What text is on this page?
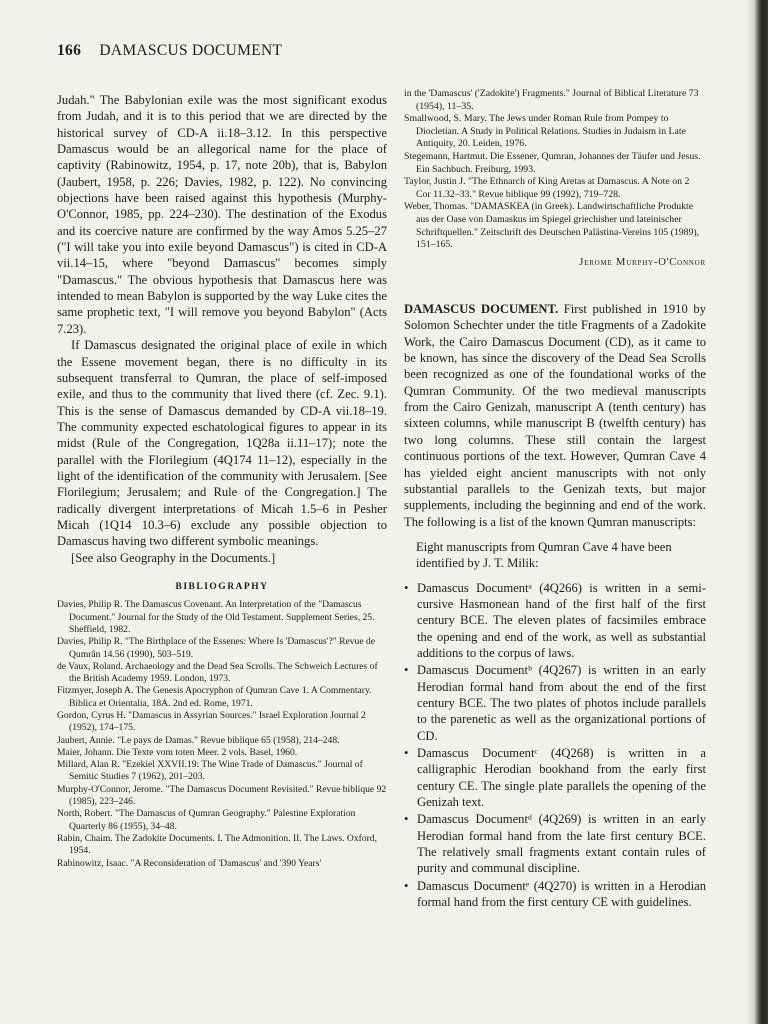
166 DAMASCUS DOCUMENT

Judah." The Babylonian exile was the most significant exodus from Judah, and it is to this period that we are directed by the historical survey of CD-A ii.18–3.12. In this perspective Damascus would be an allegorical name for the place of captivity (Rabinowitz, 1954, p. 17, note 20b), that is, Babylon (Jaubert, 1958, p. 226; Davies, 1982, p. 122). No convincing objections have been raised against this hypothesis (Murphy-O'Connor, 1985, pp. 224–230). The destination of the Exodus and its coercive nature are confirmed by the way Amos 5.25–27 ("I will take you into exile beyond Damascus") is cited in CD-A vii.14–15, where "beyond Damascus" becomes simply "Damascus." The obvious hypothesis that Damascus here was intended to mean Babylon is supported by the way Luke cites the same prophetic text, "I will remove you beyond Babylon" (Acts 7.23).

If Damascus designated the original place of exile in which the Essene movement began, there is no difficulty in its subsequent transferral to Qumran, the place of self-imposed exile, and thus to the community that lived there (cf. Zec. 9.1). This is the sense of Damascus demanded by CD-A vii.18–19. The community expected eschatological figures to appear in its midst (Rule of the Congregation, 1Q28a ii.11–17); note the parallel with the Florilegium (4Q174 11–12), especially in the light of the identification of the community with Jerusalem. [See Florilegium; Jerusalem; and Rule of the Congregation.] The radically divergent interpretations of Micah 1.5–6 in Pesher Micah (1Q14 10.3–6) exclude any possible objection to Damascus having two different symbolic meanings.

[See also Geography in the Documents.]

BIBLIOGRAPHY

Davies, Philip R. The Damascus Covenant. An Interpretation of the "Damascus Document." Journal for the Study of the Old Testament. Supplement Series, 25. Sheffield, 1982.

Davies, Philip R. "The Birthplace of the Essenes: Where Is 'Damascus'?" Revue de Qumrân 14.56 (1990), 503–519.

de Vaux, Roland. Archaeology and the Dead Sea Scrolls. The Schweich Lectures of the British Academy 1959. London, 1973.

Fitzmyer, Joseph A. The Genesis Apocryphon of Qumran Cave 1. A Commentary. Biblica et Orientalia, 18A. 2nd ed. Rome, 1971.

Gordon, Cyrus H. "Damascus in Assyrian Sources." Israel Exploration Journal 2 (1952), 174–175.

Jaubert, Annie. "Le pays de Damas." Revue biblique 65 (1958), 214–248.

Maier, Johann. Die Texte vom toten Meer. 2 vols. Basel, 1960.

Millard, Alan R. "Ezekiel XXVII.19: The Wine Trade of Damascus." Journal of Semitic Studies 7 (1962), 201–203.

Murphy-O'Connor, Jerome. "The Damascus Document Revisited." Revue biblique 92 (1985), 223–246.

North, Robert. "The Damascus of Qumran Geography." Palestine Exploration Quarterly 86 (1955), 34–48.

Rabin, Chaim. The Zadokite Documents. I. The Admonition. II. The Laws. Oxford, 1954.

Rabinowitz, Isaac. "A Reconsideration of 'Damascus' and '390 Years'

in the 'Damascus' ('Zadokite') Fragments." Journal of Biblical Literature 73 (1954), 11–35.

Smallwood, S. Mary. The Jews under Roman Rule from Pompey to Diocletian. A Study in Political Relations. Studies in Judaism in Late Antiquity, 20. Leiden, 1976.

Stegemann, Hartmut. Die Essener, Qumran, Johannes der Täufer und Jesus. Ein Sachbuch. Freiburg, 1993.

Taylor, Justin J. "The Ethnarch of King Aretas at Damascus. A Note on 2 Cor 11.32–33." Revue biblique 99 (1992), 719–728.

Weber, Thomas. "DAMASKEA (in Greek). Landwirtschaftliche Produkte aus der Oase von Damaskus im Spiegel griechisher und lateinischer Schriftquellen." Zeitschrift des Deutschen Palästina-Vereins 105 (1989), 151–165.

Jerome Murphy-O'Connor

DAMASCUS DOCUMENT. First published in 1910 by Solomon Schechter under the title Fragments of a Zadokite Work, the Cairo Damascus Document (CD), as it came to be known, has since the discovery of the Dead Sea Scrolls been recognized as one of the foundational works of the Qumran Community. Of the two medieval manuscripts from the Cairo Genizah, manuscript A (tenth century) has sixteen columns, while manuscript B (twelfth century) has two long columns. These still contain the largest continuous portions of the text. However, Qumran Cave 4 has yielded eight ancient manuscripts with not only substantial parallels to the Genizah texts, but major supplements, including the beginning and end of the work. The following is a list of the known Qumran manuscripts:

Eight manuscripts from Qumran Cave 4 have been identified by J. T. Milik:

• Damascus Documentᵃ (4Q266) is written in a semi-cursive Hasmonean hand of the first half of the first century BCE. The eleven plates of facsimiles embrace the opening and end of the work, as well as substantial additions to the corpus of laws.
• Damascus Documentᵇ (4Q267) is written in an early Herodian formal hand from about the end of the first century BCE. The two plates of photos include parallels to the parenetic as well as the organizational portions of CD.
• Damascus Documentᶜ (4Q268) is written in a calligraphic Herodian bookhand from the early first century CE. The single plate parallels the opening of the Genizah text.
• Damascus Documentᵈ (4Q269) is written in an early Herodian formal hand from the late first century BCE. The relatively small fragments extant contain rules of purity and communal discipline.
• Damascus Documentᵉ (4Q270) is written in a Herodian formal hand from the first century CE with guidelines.
